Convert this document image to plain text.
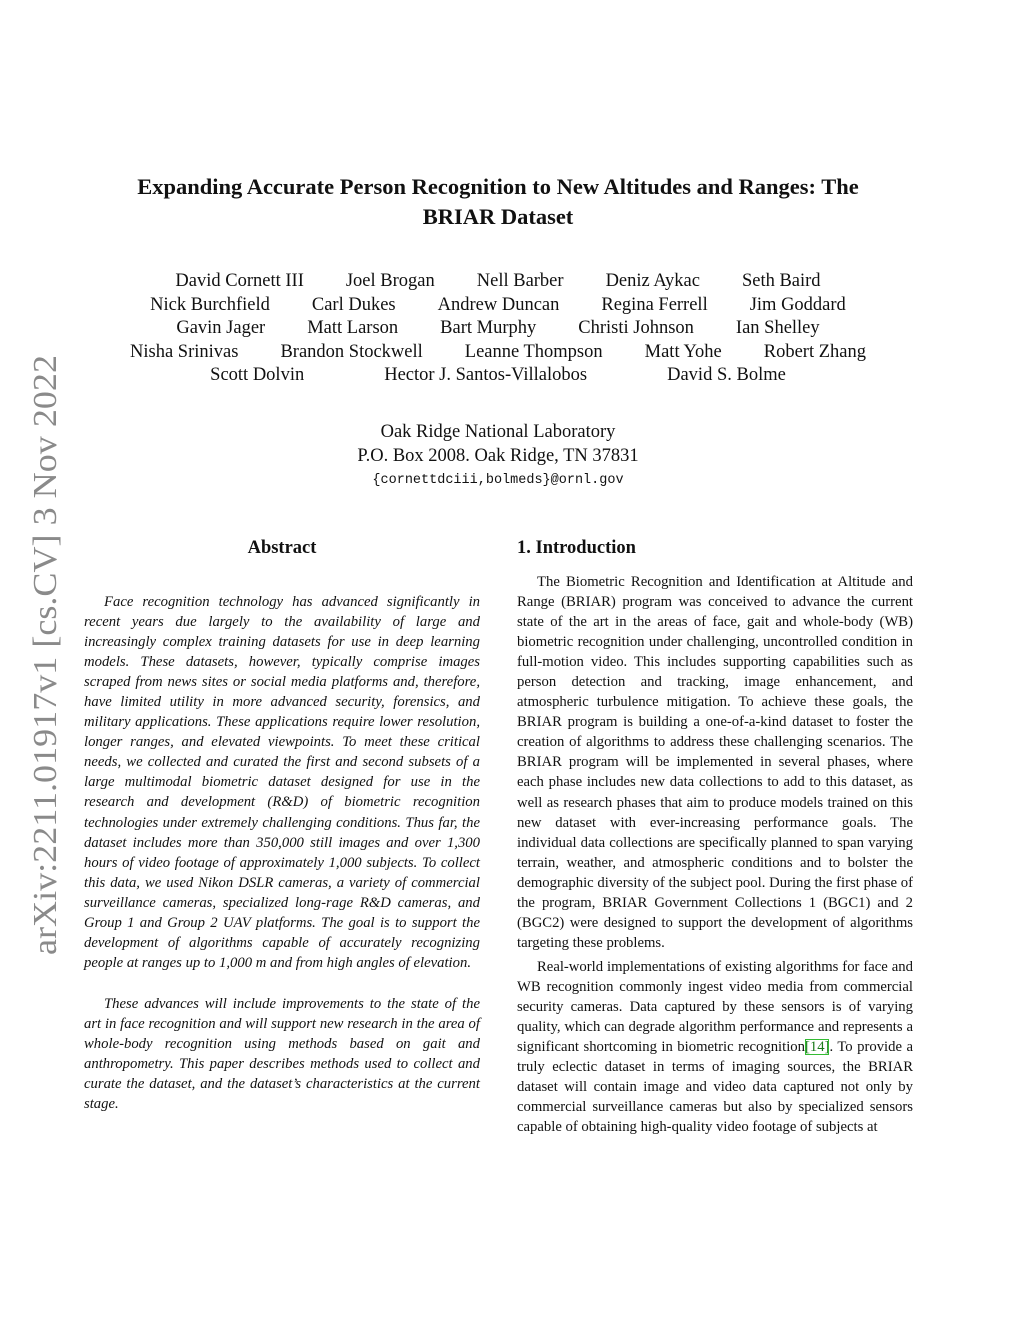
arXiv:2211.01917v1 [cs.CV] 3 Nov 2022
Expanding Accurate Person Recognition to New Altitudes and Ranges: The BRIAR Dataset
David Cornett III Joel Brogan Nell Barber Deniz Aykac Seth Baird
Nick Burchfield Carl Dukes Andrew Duncan Regina Ferrell Jim Goddard
Gavin Jager Matt Larson Bart Murphy Christi Johnson Ian Shelley
Nisha Srinivas Brandon Stockwell Leanne Thompson Matt Yohe Robert Zhang
Scott Dolvin	Hector J. Santos-Villalobos	David S. Bolme
Oak Ridge National Laboratory
P.O. Box 2008. Oak Ridge, TN 37831
{cornettdciii,bolmeds}@ornl.gov
Abstract

Face recognition technology has advanced significantly in recent years due largely to the availability of large and increasingly complex training datasets for use in deep learning models. These datasets, however, typically comprise images scraped from news sites or social media platforms and, therefore, have limited utility in more advanced security, forensics, and military applications. These applications require lower resolution, longer ranges, and elevated viewpoints. To meet these critical needs, we collected and curated the first and second subsets of a large multimodal biometric dataset designed for use in the research and development (R&D) of biometric recognition technologies under extremely challenging conditions. Thus far, the dataset includes more than 350,000 still images and over 1,300 hours of video footage of approximately 1,000 subjects. To collect this data, we used Nikon DSLR cameras, a variety of commercial surveillance cameras, specialized long-rage R&D cameras, and Group 1 and Group 2 UAV platforms. The goal is to support the development of algorithms capable of accurately recognizing people at ranges up to 1,000 m and from high angles of elevation.

These advances will include improvements to the state of the art in face recognition and will support new research in the area of whole-body recognition using methods based on gait and anthropometry. This paper describes methods used to collect and curate the dataset, and the dataset’s characteristics at the current stage.

1. Introduction

The Biometric Recognition and Identification at Altitude and Range (BRIAR) program was conceived to advance the current state of the art in the areas of face, gait and whole-body (WB) biometric recognition under challenging, uncontrolled condition in full-motion video. This includes supporting capabilities such as person detection and tracking, image enhancement, and atmospheric turbulence mitigation. To achieve these goals, the BRIAR program is building a one-of-a-kind dataset to foster the creation of algorithms to address these challenging scenarios. The BRIAR program will be implemented in several phases, where each phase includes new data collections to add to this dataset, as well as research phases that aim to produce models trained on this new dataset with ever-increasing performance goals. The individual data collections are specifically planned to span varying terrain, weather, and atmospheric conditions and to bolster the demographic diversity of the subject pool. During the first phase of the program, BRIAR Government Collections 1 (BGC1) and 2 (BGC2) were designed to support the development of algorithms targeting these problems.

Real-world implementations of existing algorithms for face and WB recognition commonly ingest video media from commercial security cameras. Data captured by these sensors is of varying quality, which can degrade algorithm performance and represents a significant shortcoming in biometric recognition[14]. To provide a truly eclectic dataset in terms of imaging sources, the BRIAR dataset will contain image and video data captured not only by commercial surveillance cameras but also by specialized sensors capable of obtaining high-quality video footage of subjects at
